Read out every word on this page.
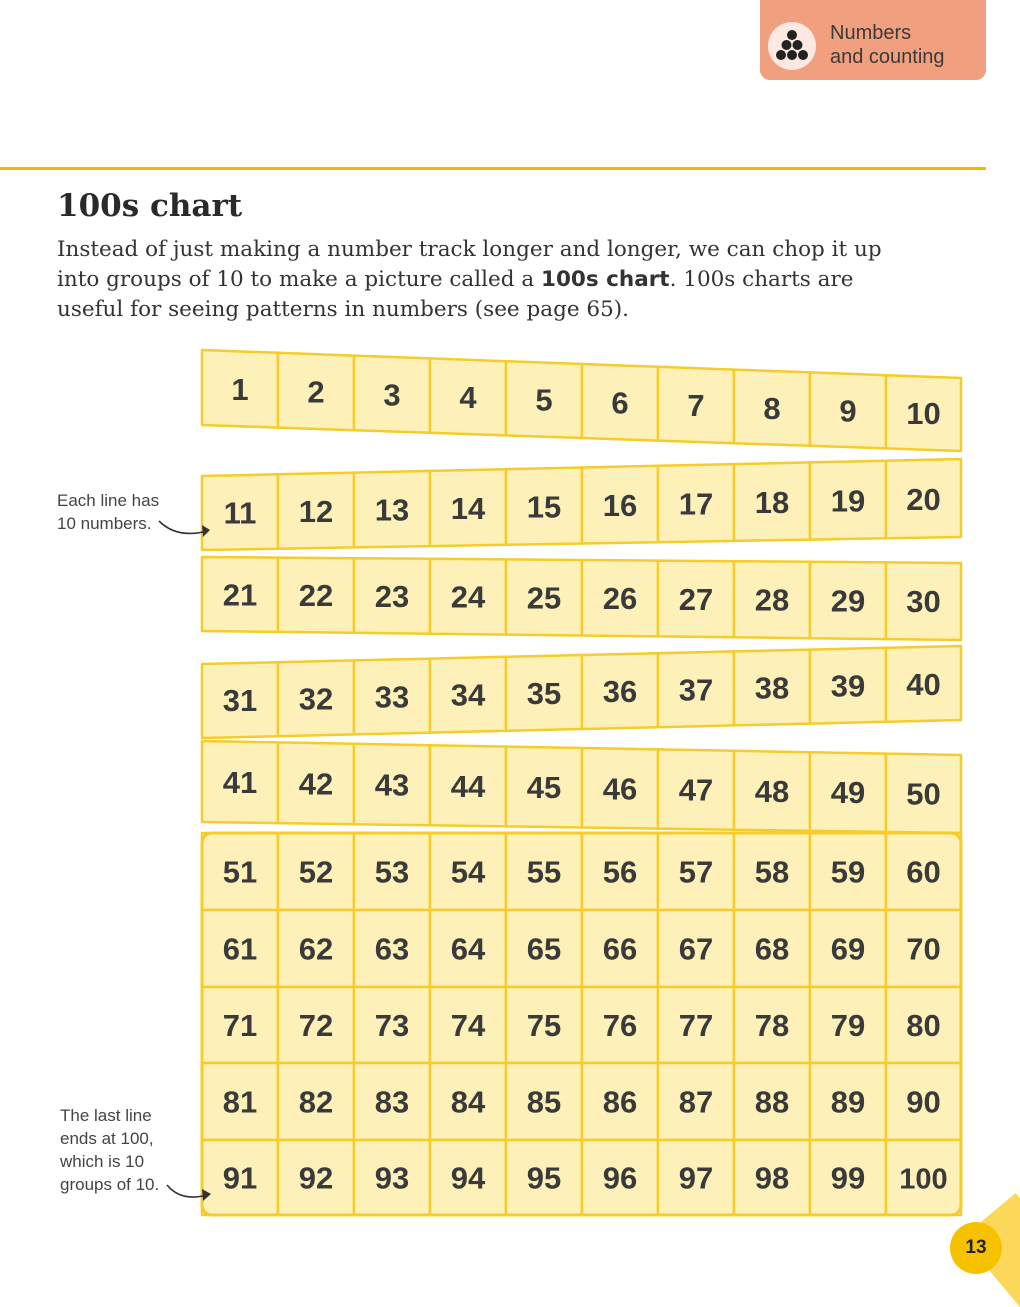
Numbers
and counting
100s chart

Instead of just making a number track longer and longer, we can chop it up into groups of 10 to make a picture called a 100s chart. 100s charts are useful for seeing patterns in numbers (see page 65).

1 2 3 4 5 6 7 8 9 10
11 12 13 14 15 16 17 18 19 20
21 22 23 24 25 26 27 28 29 30
31 32 33 34 35 36 37 38 39 40
41 42 43 44 45 46 47 48 49 50
51 52 53 54 55 56 57 58 59 60
61 62 63 64 65 66 67 68 69 70
71 72 73 74 75 76 77 78 79 80
81 82 83 84 85 86 87 88 89 90
91 92 93 94 95 96 97 98 99 100
Each line has
10 numbers.
The last line
ends at 100,
which is 10
groups of 10.
13
